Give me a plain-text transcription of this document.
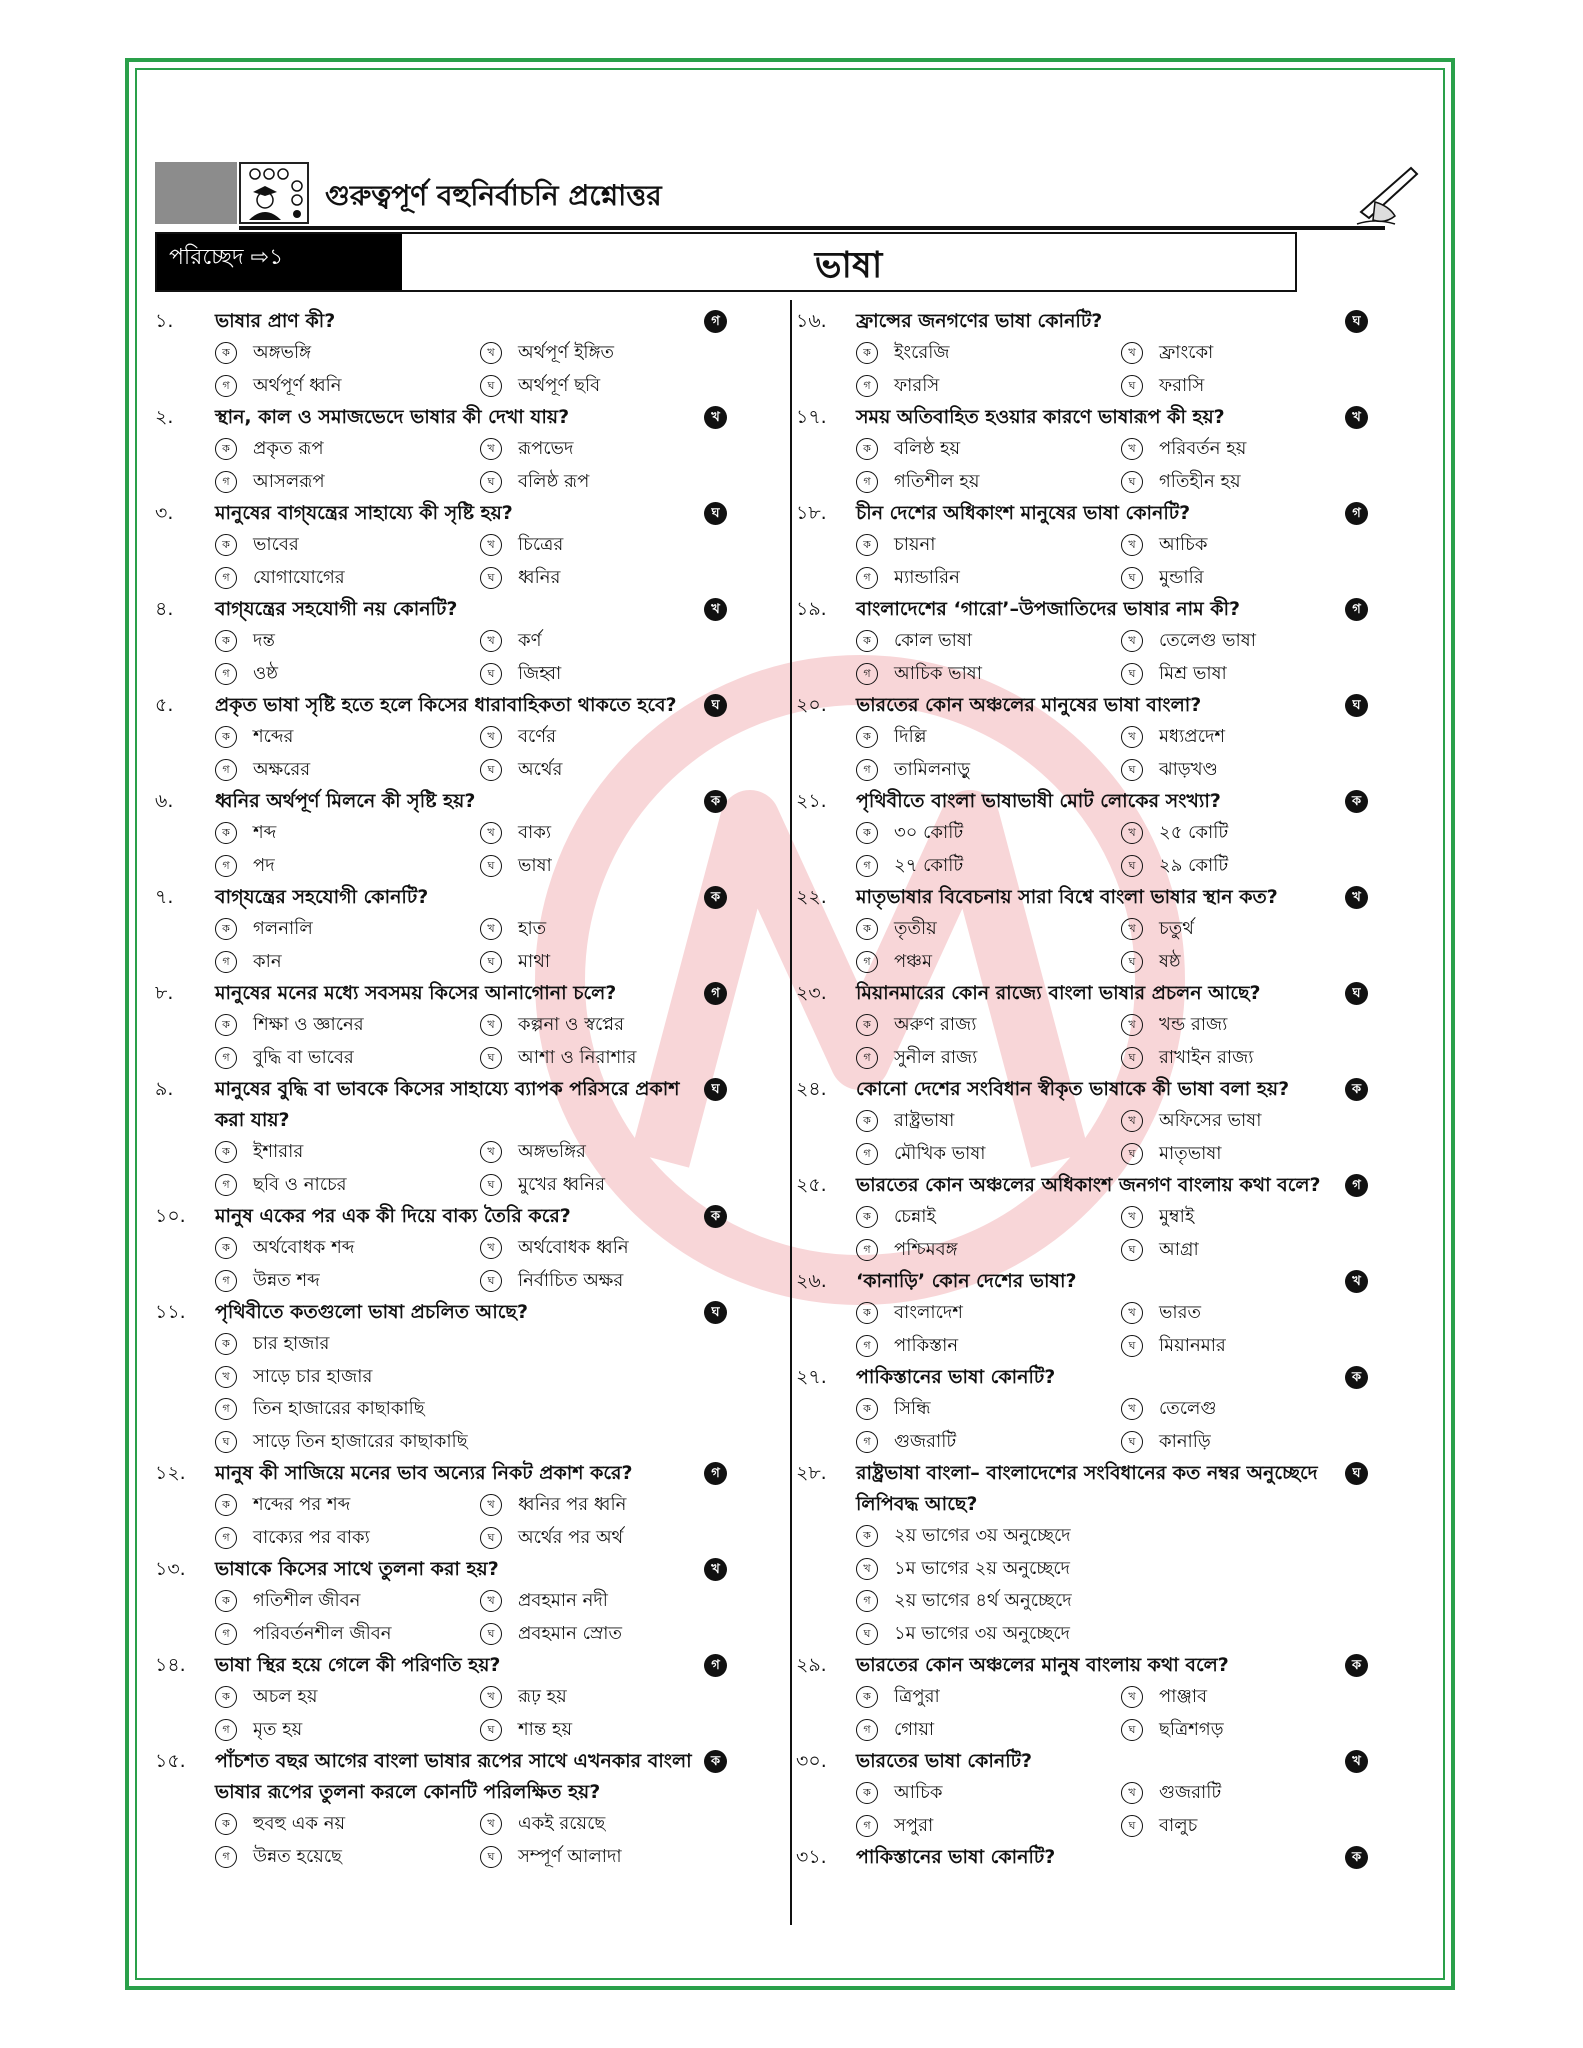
গুরুত্বপূর্ণ বহুনির্বাচনি প্রশ্নোত্তর
পরিচ্ছেদ ⇨১	ভাষা
১.	ভাষার প্রাণ কী?	গ
ক	অঙ্গভঙ্গি	খ	অর্থপূর্ণ ইঙ্গিত
গ	অর্থপূর্ণ ধ্বনি	ঘ	অর্থপূর্ণ ছবি
২.	স্থান, কাল ও সমাজভেদে ভাষার কী দেখা যায়?	খ
ক	প্রকৃত রূপ	খ	রূপভেদ
গ	আসলরূপ	ঘ	বলিষ্ঠ রূপ
৩.	মানুষের বাগ্‌যন্ত্রের সাহায্যে কী সৃষ্টি হয়?	ঘ
ক	ভাবের	খ	চিত্রের
গ	যোগাযোগের	ঘ	ধ্বনির
৪.	বাগ্‌যন্ত্রের সহযোগী নয় কোনটি?	খ
ক	দন্ত	খ	কর্ণ
গ	ওষ্ঠ	ঘ	জিহ্বা
৫.	প্রকৃত ভাষা সৃষ্টি হতে হলে কিসের ধারাবাহিকতা থাকতে হবে?	ঘ
ক	শব্দের	খ	বর্ণের
গ	অক্ষরের	ঘ	অর্থের
৬.	ধ্বনির অর্থপূর্ণ মিলনে কী সৃষ্টি হয়?	ক
ক	শব্দ	খ	বাক্য
গ	পদ	ঘ	ভাষা
৭.	বাগ্‌যন্ত্রের সহযোগী কোনটি?	ক
ক	গলনালি	খ	হাত
গ	কান	ঘ	মাথা
৮.	মানুষের মনের মধ্যে সবসময় কিসের আনাগোনা চলে?	গ
ক	শিক্ষা ও জ্ঞানের	খ	কল্পনা ও স্বপ্নের
গ	বুদ্ধি বা ভাবের	ঘ	আশা ও নিরাশার
৯.	মানুষের বুদ্ধি বা ভাবকে কিসের সাহায্যে ব্যাপক পরিসরে প্রকাশ করা যায়?
ঘ
ক	ইশারার	খ	অঙ্গভঙ্গির
গ	ছবি ও নাচের	ঘ	মুখের ধ্বনির
১০.	মানুষ একের পর এক কী দিয়ে বাক্য তৈরি করে?	ক
ক	অর্থবোধক শব্দ	খ	অর্থবোধক ধ্বনি
গ	উন্নত শব্দ	ঘ	নির্বাচিত অক্ষর
১১.	পৃথিবীতে কতগুলো ভাষা প্রচলিত আছে?	ঘ
ক	চার হাজার
খ	সাড়ে চার হাজার
গ	তিন হাজারের কাছাকাছি
ঘ	সাড়ে তিন হাজারের কাছাকাছি
১২.	মানুষ কী সাজিয়ে মনের ভাব অন্যের নিকট প্রকাশ করে?	গ
ক	শব্দের পর শব্দ	খ	ধ্বনির পর ধ্বনি
গ	বাক্যের পর বাক্য	ঘ	অর্থের পর অর্থ
১৩.	ভাষাকে কিসের সাথে তুলনা করা হয়?	খ
ক	গতিশীল জীবন	খ	প্রবহমান নদী
গ	পরিবর্তনশীল জীবন	ঘ	প্রবহমান স্রোত
১৪.	ভাষা স্থির হয়ে গেলে কী পরিণতি হয়?	গ
ক	অচল হয়	খ	রূঢ় হয়
গ	মৃত হয়	ঘ	শান্ত হয়
১৫.	পাঁচশত বছর আগের বাংলা ভাষার রূপের সাথে এখনকার বাংলা ভাষার রূপের তুলনা করলে কোনটি পরিলক্ষিত হয়?
ক
ক	হুবহু এক নয়	খ	একই রয়েছে
গ	উন্নত হয়েছে	ঘ	সম্পূর্ণ আলাদা
১৬.	ফ্রান্সের জনগণের ভাষা কোনটি?	ঘ
ক	ইংরেজি	খ	ফ্রাংকো
গ	ফারসি	ঘ	ফরাসি
১৭.	সময় অতিবাহিত হওয়ার কারণে ভাষারূপ কী হয়?	খ
ক	বলিষ্ঠ হয়	খ	পরিবর্তন হয়
গ	গতিশীল হয়	ঘ	গতিহীন হয়
১৮.	চীন দেশের অধিকাংশ মানুষের ভাষা কোনটি?	গ
ক	চায়না	খ	আচিক
গ	ম্যান্ডারিন	ঘ	মুন্ডারি
১৯.	বাংলাদেশের ‘গারো’–উপজাতিদের ভাষার নাম কী?	গ
ক	কোল ভাষা	খ	তেলেগু ভাষা
গ	আচিক ভাষা	ঘ	মিশ্র ভাষা
২০.	ভারতের কোন অঞ্চলের মানুষের ভাষা বাংলা?	ঘ
ক	দিল্লি	খ	মধ্যপ্রদেশ
গ	তামিলনাড়ু	ঘ	ঝাড়খণ্ড
২১.	পৃথিবীতে বাংলা ভাষাভাষী মোট লোকের সংখ্যা?	ক
ক	৩০ কোটি	খ	২৫ কোটি
গ	২৭ কোটি	ঘ	২৯ কোটি
২২.	মাতৃভাষার বিবেচনায় সারা বিশ্বে বাংলা ভাষার স্থান কত?	খ
ক	তৃতীয়	খ	চতুর্থ
গ	পঞ্চম	ঘ	ষষ্ঠ
২৩.	মিয়ানমারের কোন রাজ্যে বাংলা ভাষার প্রচলন আছে?	ঘ
ক	অরুণ রাজ্য	খ	খন্ড রাজ্য
গ	সুনীল রাজ্য	ঘ	রাখাইন রাজ্য
২৪.	কোনো দেশের সংবিধান স্বীকৃত ভাষাকে কী ভাষা বলা হয়?	ক
ক	রাষ্ট্রভাষা	খ	অফিসের ভাষা
গ	মৌখিক ভাষা	ঘ	মাতৃভাষা
২৫.	ভারতের কোন অঞ্চলের অধিকাংশ জনগণ বাংলায় কথা বলে?	গ
ক	চেন্নাই	খ	মুম্বাই
গ	পশ্চিমবঙ্গ	ঘ	আগ্রা
২৬.	‘কানাড়ি’ কোন দেশের ভাষা?	খ
ক	বাংলাদেশ	খ	ভারত
গ	পাকিস্তান	ঘ	মিয়ানমার
২৭.	পাকিস্তানের ভাষা কোনটি?	ক
ক	সিন্ধি	খ	তেলেগু
গ	গুজরাটি	ঘ	কানাড়ি
২৮.	রাষ্ট্রভাষা বাংলা– বাংলাদেশের সংবিধানের কত নম্বর অনুচ্ছেদে লিপিবদ্ধ আছে?
ঘ
ক	২য় ভাগের ৩য় অনুচ্ছেদে
খ	১ম ভাগের ২য় অনুচ্ছেদে
গ	২য় ভাগের ৪র্থ অনুচ্ছেদে
ঘ	১ম ভাগের ৩য় অনুচ্ছেদে
২৯.	ভারতের কোন অঞ্চলের মানুষ বাংলায় কথা বলে?	ক
ক	ত্রিপুরা	খ	পাঞ্জাব
গ	গোয়া	ঘ	ছত্রিশগড়
৩০.	ভারতের ভাষা কোনটি?	খ
ক	আচিক	খ	গুজরাটি
গ	সপুরা	ঘ	বালুচ
৩১.	পাকিস্তানের ভাষা কোনটি?	ক
